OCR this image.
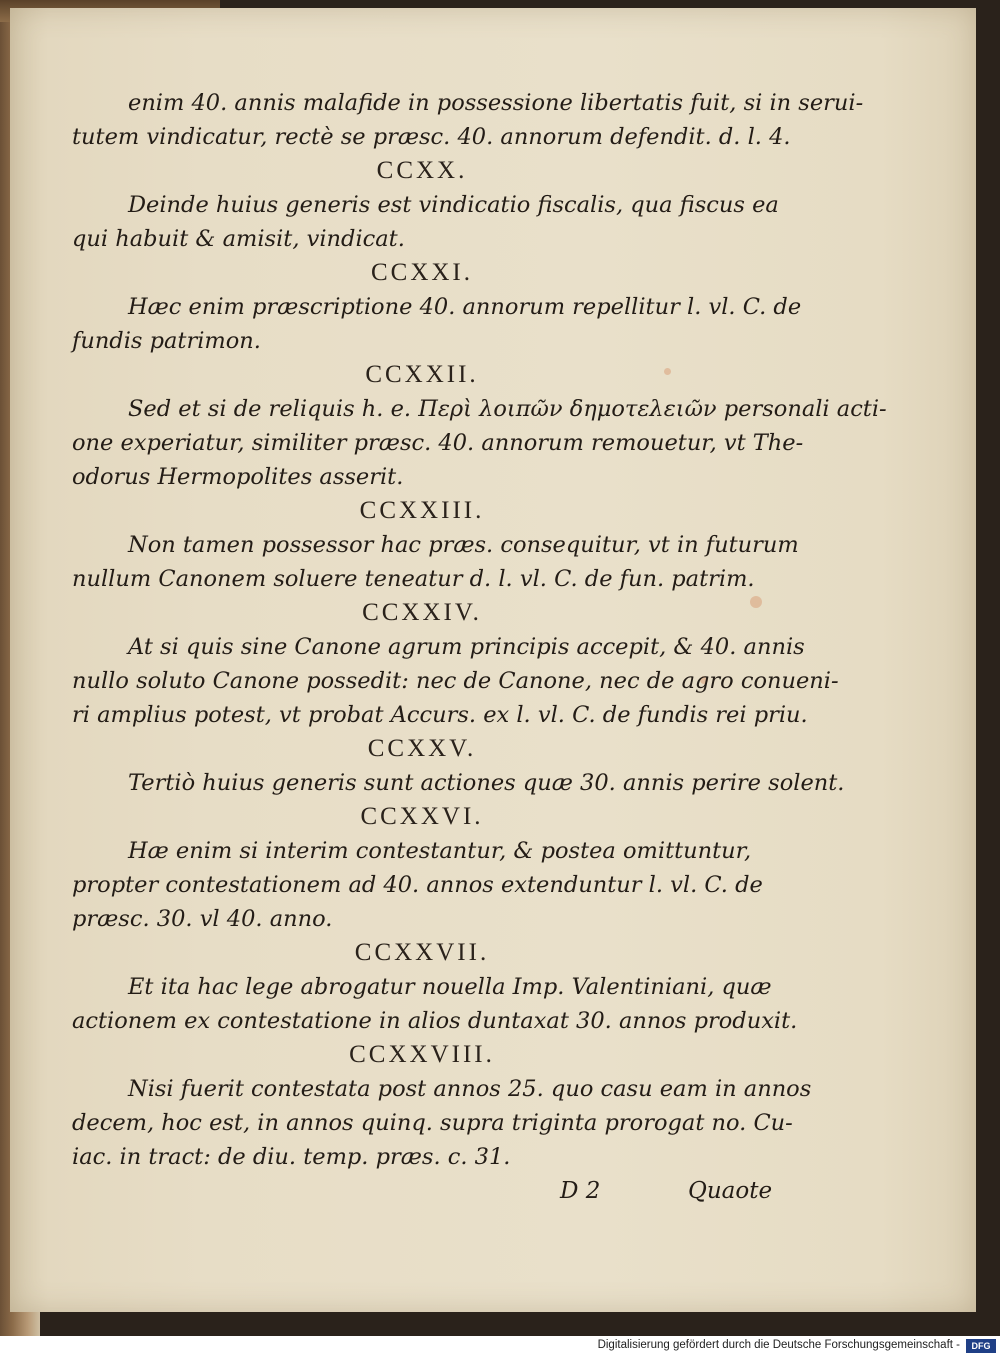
enim 40. annis malafide in possessione libertatis fuit, si in serui-
tutem vindicatur, rectè se præsc. 40. annorum defendit. d. l. 4.
CCXX.
Deinde huius generis est vindicatio fiscalis, qua fiscus ea
qui habuit & amisit, vindicat.
CCXXI.
Hæc enim præscriptione 40. annorum repellitur l. vl. C. de
fundis patrimon.
CCXXII.
Sed et si de reliquis h. e. Περὶ λοιπῶν δημοτελειῶν personali acti-
one experiatur, similiter præsc. 40. annorum remouetur, vt The-
odorus Hermopolites asserit.
CCXXIII.
Non tamen possessor hac præs. consequitur, vt in futurum
nullum Canonem soluere teneatur d. l. vl. C. de fun. patrim.
CCXXIV.
At si quis sine Canone agrum principis accepit, & 40. annis
nullo soluto Canone possedit: nec de Canone, nec de agro conueni-
ri amplius potest, vt probat Accurs. ex l. vl. C. de fundis rei priu.
CCXXV.
Tertiò huius generis sunt actiones quæ 30. annis perire solent.
CCXXVI.
Hæ enim si interim contestantur, & postea omittuntur,
propter contestationem ad 40. annos extenduntur l. vl. C. de
præsc. 30. vl 40. anno.
CCXXVII.
Et ita hac lege abrogatur nouella Imp. Valentiniani, quæ
actionem ex contestatione in alios duntaxat 30. annos produxit.
CCXXVIII.
Nisi fuerit contestata post annos 25. quo casu eam in annos
decem, hoc est, in annos quinq. supra triginta prorogat no. Cu-
iac. in tract: de diu. temp. præs. c. 31.
D 2	Quaote
Digitalisierung gefördert durch die Deutsche Forschungsgemeinschaft -	DFG
